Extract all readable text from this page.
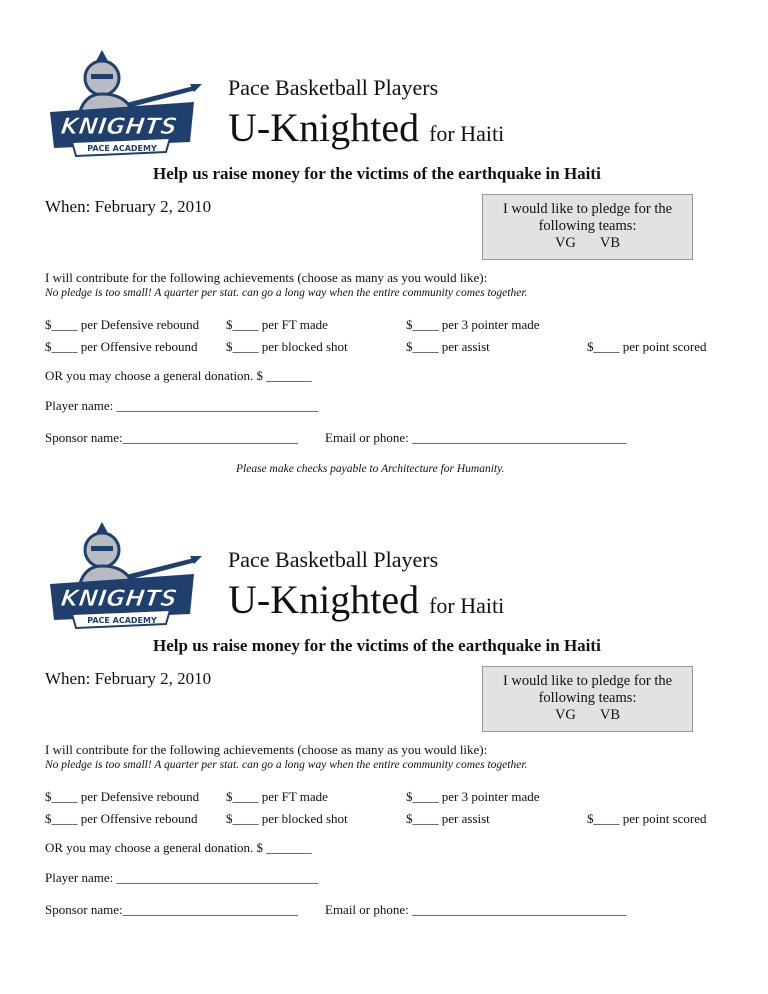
KNIGHTS
PACE ACADEMY
Pace Basketball Players
U-Knighted for Haiti
Help us raise money for the victims of the earthquake in Haiti
When: February 2, 2010	I would like to pledge for the
following teams:
VG VB
I will contribute for the following achievements (choose as many as you would like):
No pledge is too small! A quarter per stat. can go a long way when the entire community comes together.
$____ per Defensive rebound $____ per FT made	$____ per 3 pointer made
$____ per Offensive rebound $____ per blocked shot	$____ per assist	$____ per point scored
OR you may choose a general donation. $ _______
Player name: _______________________________
Sponsor name:___________________________ Email or phone: _________________________________
Please make checks payable to Architecture for Humanity.
KNIGHTS
PACE ACADEMY
Pace Basketball Players
U-Knighted for Haiti
Help us raise money for the victims of the earthquake in Haiti
When: February 2, 2010	I would like to pledge for the
following teams:
VG VB
I will contribute for the following achievements (choose as many as you would like):
No pledge is too small! A quarter per stat. can go a long way when the entire community comes together.
$____ per Defensive rebound $____ per FT made	$____ per 3 pointer made
$____ per Offensive rebound $____ per blocked shot	$____ per assist	$____ per point scored
OR you may choose a general donation. $ _______
Player name: _______________________________
Sponsor name:___________________________ Email or phone: _________________________________
